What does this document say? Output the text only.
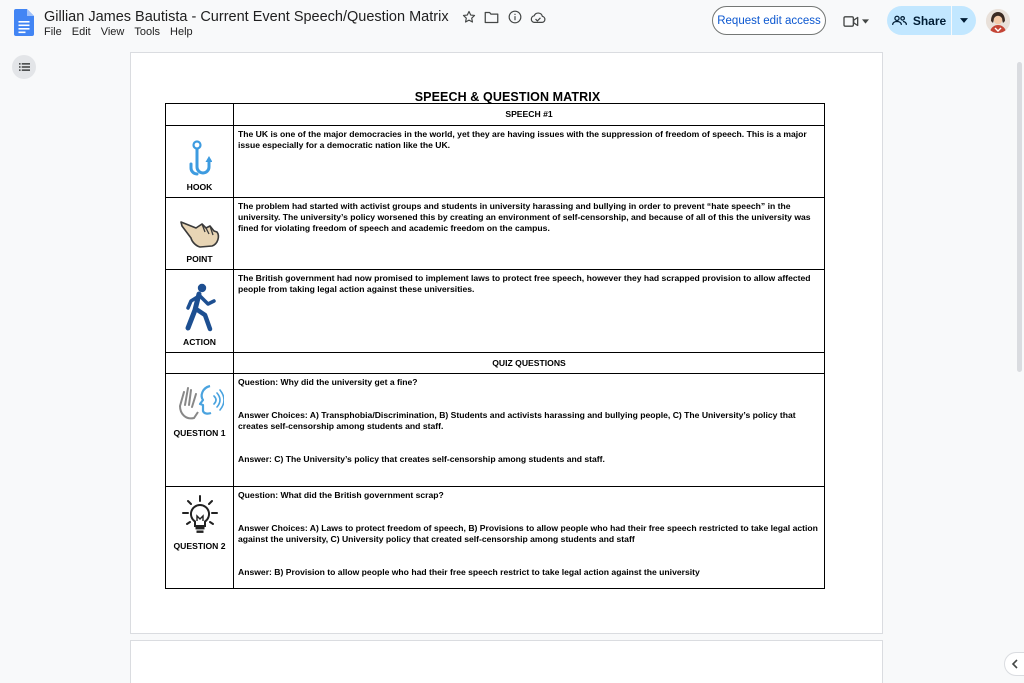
Gillian James Bautista - Current Event Speech/Question Matrix
File Edit View Tools Help
Request edit access	Share
SPEECH & QUESTION MATRIX
	SPEECH #1

HOOK	The UK is one of the major democracies in the world, yet they are having issues with the suppression of freedom of speech. This is a major issue especially for a democratic nation like the UK.

POINT	The problem had started with activist groups and students in university harassing and bullying in order to prevent “hate speech” in the university. The university’s policy worsened this by creating an environment of self-censorship, and because of all of this the university was fined for violating freedom of speech and academic freedom on the campus.

ACTION	The British government had now promised to implement laws to protect free speech, however they had scrapped provision to allow affected people from taking legal action against these universities.
	QUIZ QUESTIONS

QUESTION 1	Question: Why did the university get a fine?

Answer Choices: A) Transphobia/Discrimination, B) Students and activists harassing and bullying people, C) The University’s policy that creates self-censorship among students and staff.

Answer: C) The University’s policy that creates self-censorship among students and staff.

QUESTION 2	Question: What did the British government scrap?

Answer Choices: A) Laws to protect freedom of speech, B) Provisions to allow people who had their free speech restricted to take legal action against the university, C) University policy that created self-censorship among students and staff

Answer: B) Provision to allow people who had their free speech restrict to take legal action against the university
